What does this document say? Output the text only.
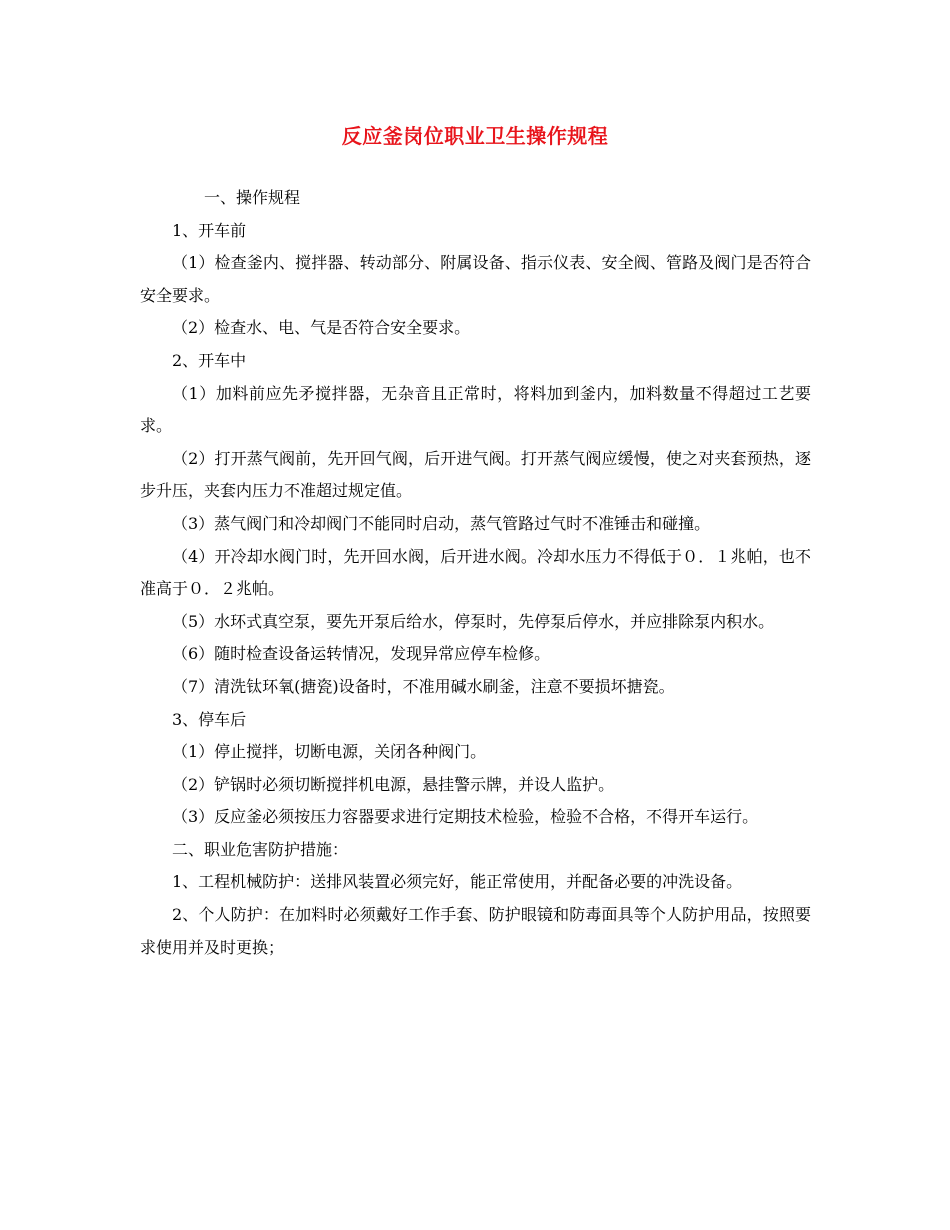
反应釜岗位职业卫生操作规程

一、操作规程

1、开车前

（1）检查釜内、搅拌器、转动部分、附属设备、指示仪表、安全阀、管路及阀门是否符合安全要求。

（2）检查水、电、气是否符合安全要求。

2、开车中

（1）加料前应先矛搅拌器，无杂音且正常时，将料加到釜内，加料数量不得超过工艺要求。

（2）打开蒸气阀前，先开回气阀，后开进气阀。打开蒸气阀应缓慢，使之对夹套预热，逐步升压，夹套内压力不准超过规定值。

（3）蒸气阀门和冷却阀门不能同时启动，蒸气管路过气时不准锤击和碰撞。

（4）开冷却水阀门时，先开回水阀，后开进水阀。冷却水压力不得低于０．１兆帕，也不准高于０．２兆帕。

（5）水环式真空泵，要先开泵后给水，停泵时，先停泵后停水，并应排除泵内积水。

（6）随时检查设备运转情况，发现异常应停车检修。

（7）清洗钛环氧(搪瓷)设备时，不准用碱水刷釜，注意不要损坏搪瓷。

3、停车后

（1）停止搅拌，切断电源，关闭各种阀门。

（2）铲锅时必须切断搅拌机电源，悬挂警示牌，并设人监护。

（3）反应釜必须按压力容器要求进行定期技术检验，检验不合格，不得开车运行。

二、职业危害防护措施：

1、工程机械防护：送排风装置必须完好，能正常使用，并配备必要的冲洗设备。

2、个人防护：在加料时必须戴好工作手套、防护眼镜和防毒面具等个人防护用品，按照要求使用并及时更换；
